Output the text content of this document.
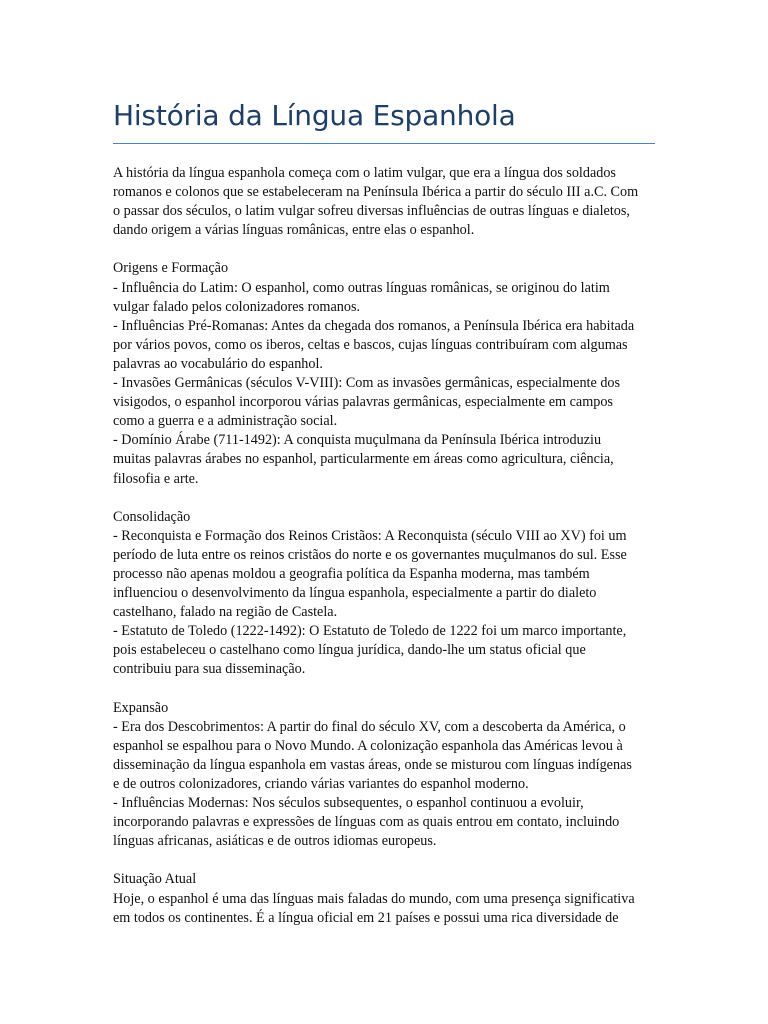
História da Língua Espanhola
A história da língua espanhola começa com o latim vulgar, que era a língua dos soldados
romanos e colonos que se estabeleceram na Península Ibérica a partir do século III a.C. Com
o passar dos séculos, o latim vulgar sofreu diversas influências de outras línguas e dialetos,
dando origem a várias línguas românicas, entre elas o espanhol.
Origens e Formação
- Influência do Latim: O espanhol, como outras línguas românicas, se originou do latim
vulgar falado pelos colonizadores romanos.
- Influências Pré-Romanas: Antes da chegada dos romanos, a Península Ibérica era habitada
por vários povos, como os iberos, celtas e bascos, cujas línguas contribuíram com algumas
palavras ao vocabulário do espanhol.
- Invasões Germânicas (séculos V-VIII): Com as invasões germânicas, especialmente dos
visigodos, o espanhol incorporou várias palavras germânicas, especialmente em campos
como a guerra e a administração social.
- Domínio Árabe (711-1492): A conquista muçulmana da Península Ibérica introduziu
muitas palavras árabes no espanhol, particularmente em áreas como agricultura, ciência,
filosofia e arte.
Consolidação
- Reconquista e Formação dos Reinos Cristãos: A Reconquista (século VIII ao XV) foi um
período de luta entre os reinos cristãos do norte e os governantes muçulmanos do sul. Esse
processo não apenas moldou a geografia política da Espanha moderna, mas também
influenciou o desenvolvimento da língua espanhola, especialmente a partir do dialeto
castelhano, falado na região de Castela.
- Estatuto de Toledo (1222-1492): O Estatuto de Toledo de 1222 foi um marco importante,
pois estabeleceu o castelhano como língua jurídica, dando-lhe um status oficial que
contribuiu para sua disseminação.
Expansão
- Era dos Descobrimentos: A partir do final do século XV, com a descoberta da América, o
espanhol se espalhou para o Novo Mundo. A colonização espanhola das Américas levou à
disseminação da língua espanhola em vastas áreas, onde se misturou com línguas indígenas
e de outros colonizadores, criando várias variantes do espanhol moderno.
- Influências Modernas: Nos séculos subsequentes, o espanhol continuou a evoluir,
incorporando palavras e expressões de línguas com as quais entrou em contato, incluindo
línguas africanas, asiáticas e de outros idiomas europeus.
Situação Atual
Hoje, o espanhol é uma das línguas mais faladas do mundo, com uma presença significativa
em todos os continentes. É a língua oficial em 21 países e possui uma rica diversidade de
